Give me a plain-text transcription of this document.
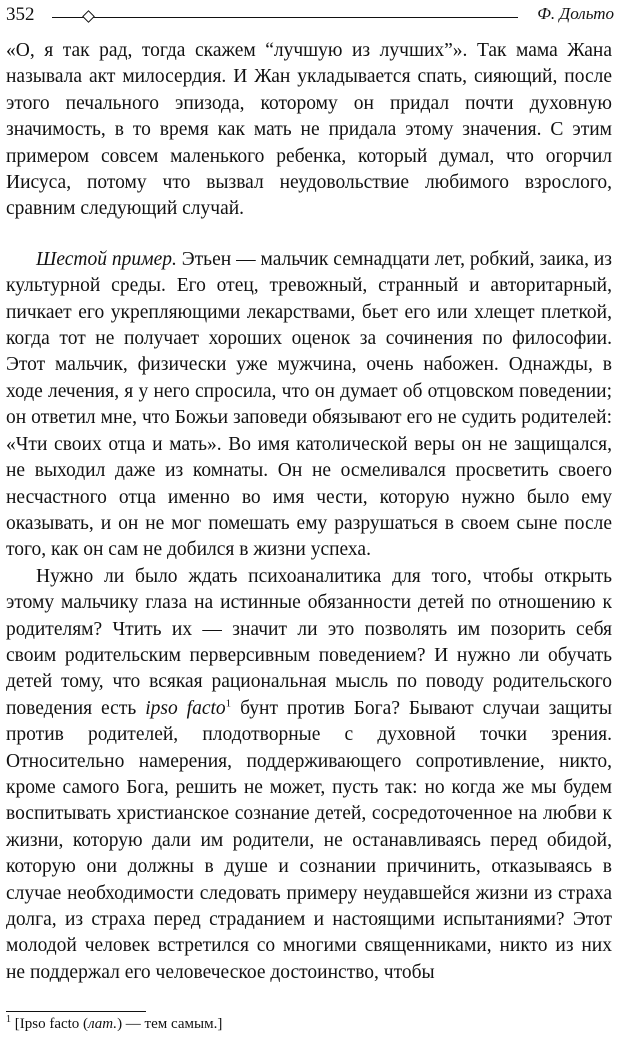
352	Ф. Дольто

«О, я так рад, тогда скажем “лучшую из лучших”». Так мама Жана называла акт милосердия. И Жан укладывается спать, сияющий, после этого печального эпизода, которому он придал почти духовную значимость, в то время как мать не придала этому значения. С этим примером совсем маленького ребенка, который думал, что огорчил Иисуса, потому что вызвал неудовольствие любимого взрослого, сравним следующий случай.

Шестой пример. Этьен — мальчик семнадцати лет, робкий, заика, из культурной среды. Его отец, тревожный, странный и авторитарный, пичкает его укрепляющими лекарствами, бьет его или хлещет плеткой, когда тот не получает хороших оценок за сочинения по философии. Этот мальчик, физически уже мужчина, очень набожен. Однажды, в ходе лечения, я у него спросила, что он думает об отцовском поведении; он ответил мне, что Божьи заповеди обязывают его не судить родителей: «Чти своих отца и мать». Во имя католической веры он не защищался, не выходил даже из комнаты. Он не осмеливался просветить своего несчастного отца именно во имя чести, которую нужно было ему оказывать, и он не мог помешать ему разрушаться в своем сыне после того, как он сам не добился в жизни успеха.

Нужно ли было ждать психоаналитика для того, чтобы открыть этому мальчику глаза на истинные обязанности детей по отношению к родителям? Чтить их — значит ли это позволять им позорить себя своим родительским перверсивным поведением? И нужно ли обучать детей тому, что всякая рациональная мысль по поводу родительского поведения есть ipso facto$^1$ бунт против Бога? Бывают случаи защиты против родителей, плодотворные с духовной точки зрения. Относительно намерения, поддерживающего сопротивление, никто, кроме самого Бога, решить не может, пусть так: но когда же мы будем воспитывать христианское сознание детей, сосредоточенное на любви к жизни, которую дали им родители, не останавливаясь перед обидой, которую они должны в душе и сознании причинить, отказываясь в случае необходимости следовать примеру неудавшейся жизни из страха долга, из страха перед страданием и настоящими испытаниями? Этот молодой человек встретился со многими священниками, никто из них не поддержал его человеческое достоинство, чтобы

$^1$ [Ipso facto (лат.) — тем самым.]
